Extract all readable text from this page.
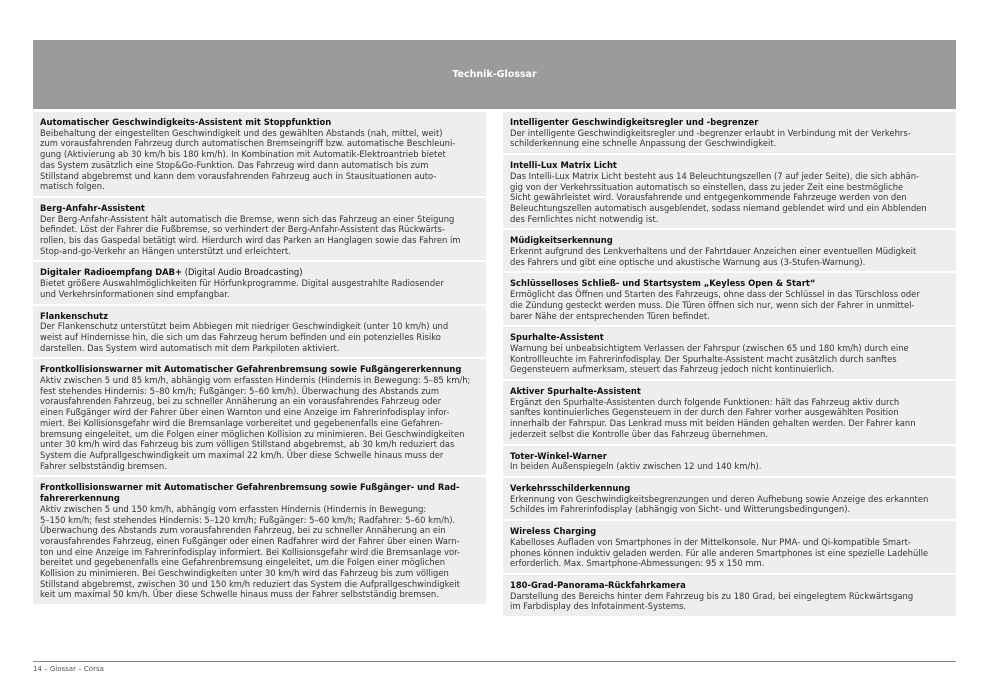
Technik-Glossar
Automatischer Geschwindigkeits-Assistent mit Stoppfunktion
Beibehaltung der eingestellten Geschwindigkeit und des gewählten Abstands (nah, mittel, weit)
zum vorausfahrenden Fahrzeug durch automatischen Bremseingriff bzw. automatische Beschleuni-
gung (Aktivierung ab 30 km/h bis 180 km/h). In Kombination mit Automatik-Elektroantrieb bietet
das System zusätzlich eine Stop&Go-Funktion. Das Fahrzeug wird dann automatisch bis zum
Stillstand abgebremst und kann dem vorausfahrenden Fahrzeug auch in Stausituationen auto-
matisch folgen.
Berg-Anfahr-Assistent
Der Berg-Anfahr-Assistent hält automatisch die Bremse, wenn sich das Fahrzeug an einer Steigung
befindet. Löst der Fahrer die Fußbremse, so verhindert der Berg-Anfahr-Assistent das Rückwärts-
rollen, bis das Gaspedal betätigt wird. Hierdurch wird das Parken an Hanglagen sowie das Fahren im
Stop-and-go-Verkehr an Hängen unterstützt und erleichtert.
Digitaler Radioempfang DAB+ (Digital Audio Broadcasting)
Bietet größere Auswahlmöglichkeiten für Hörfunkprogramme. Digital ausgestrahlte Radiosender
und Verkehrsinformationen sind empfangbar.
Flankenschutz
Der Flankenschutz unterstützt beim Abbiegen mit niedriger Geschwindigkeit (unter 10 km/h) und
weist auf Hindernisse hin, die sich um das Fahrzeug herum befinden und ein potenzielles Risiko
darstellen. Das System wird automatisch mit dem Parkpiloten aktiviert.
Frontkollisionswarner mit Automatischer Gefahrenbremsung sowie Fußgängererkennung
Aktiv zwischen 5 und 85 km/h, abhängig vom erfassten Hindernis (Hindernis in Bewegung: 5–85 km/h;
fest stehendes Hindernis: 5–80 km/h; Fußgänger: 5–60 km/h). Überwachung des Abstands zum
vorausfahrenden Fahrzeug, bei zu schneller Annäherung an ein vorausfahrendes Fahrzeug oder
einen Fußgänger wird der Fahrer über einen Warnton und eine Anzeige im Fahrerinfodisplay infor-
miert. Bei Kollisionsgefahr wird die Bremsanlage vorbereitet und gegebenenfalls eine Gefahren-
bremsung eingeleitet, um die Folgen einer möglichen Kollision zu minimieren. Bei Geschwindigkeiten
unter 30 km/h wird das Fahrzeug bis zum völligen Stillstand abgebremst, ab 30 km/h reduziert das
System die Aufprallgeschwindigkeit um maximal 22 km/h. Über diese Schwelle hinaus muss der
Fahrer selbstständig bremsen.
Frontkollisionswarner mit Automatischer Gefahrenbremsung sowie Fußgänger- und Rad-
fahrererkennung
Aktiv zwischen 5 und 150 km/h, abhängig vom erfassten Hindernis (Hindernis in Bewegung:
5–150 km/h; fest stehendes Hindernis: 5–120 km/h; Fußgänger: 5–60 km/h; Radfahrer: 5–60 km/h).
Überwachung des Abstands zum vorausfahrenden Fahrzeug, bei zu schneller Annäherung an ein
vorausfahrendes Fahrzeug, einen Fußgänger oder einen Radfahrer wird der Fahrer über einen Warn-
ton und eine Anzeige im Fahrerinfodisplay informiert. Bei Kollisionsgefahr wird die Bremsanlage vor-
bereitet und gegebenenfalls eine Gefahrenbremsung eingeleitet, um die Folgen einer möglichen
Kollision zu minimieren. Bei Geschwindigkeiten unter 30 km/h wird das Fahrzeug bis zum völligen
Stillstand abgebremst, zwischen 30 und 150 km/h reduziert das System die Aufprallgeschwindigkeit
keit um maximal 50 km/h. Über diese Schwelle hinaus muss der Fahrer selbstständig bremsen.
Intelligenter Geschwindigkeitsregler und -begrenzer
Der intelligente Geschwindigkeitsregler und -begrenzer erlaubt in Verbindung mit der Verkehrs-
schilderkennung eine schnelle Anpassung der Geschwindigkeit.
Intelli-Lux Matrix Licht
Das Intelli-Lux Matrix Licht besteht aus 14 Beleuchtungszellen (7 auf jeder Seite), die sich abhän-
gig von der Verkehrssituation automatisch so einstellen, dass zu jeder Zeit eine bestmögliche
Sicht gewährleistet wird. Vorausfahrende und entgegenkommende Fahrzeuge werden von den
Beleuchtungszellen automatisch ausgeblendet, sodass niemand geblendet wird und ein Abblenden
des Fernlichtes nicht notwendig ist.
Müdigkeitserkennung
Erkennt aufgrund des Lenkverhaltens und der Fahrtdauer Anzeichen einer eventuellen Müdigkeit
des Fahrers und gibt eine optische und akustische Warnung aus (3-Stufen-Warnung).
Schlüsselloses Schließ- und Startsystem „Keyless Open & Start“
Ermöglicht das Öffnen und Starten des Fahrzeugs, ohne dass der Schlüssel in das Türschloss oder
die Zündung gesteckt werden muss. Die Türen öffnen sich nur, wenn sich der Fahrer in unmittel-
barer Nähe der entsprechenden Türen befindet.
Spurhalte-Assistent
Warnung bei unbeabsichtigtem Verlassen der Fahrspur (zwischen 65 und 180 km/h) durch eine
Kontrollleuchte im Fahrerinfodisplay. Der Spurhalte-Assistent macht zusätzlich durch sanftes
Gegensteuern aufmerksam, steuert das Fahrzeug jedoch nicht kontinuierlich.
Aktiver Spurhalte-Assistent
Ergänzt den Spurhalte-Assistenten durch folgende Funktionen: hält das Fahrzeug aktiv durch
sanftes kontinuierliches Gegensteuern in der durch den Fahrer vorher ausgewählten Position
innerhalb der Fahrspur. Das Lenkrad muss mit beiden Händen gehalten werden. Der Fahrer kann
jederzeit selbst die Kontrolle über das Fahrzeug übernehmen.
Toter-Winkel-Warner
In beiden Außenspiegeln (aktiv zwischen 12 und 140 km/h).
Verkehrsschilderkennung
Erkennung von Geschwindigkeitsbegrenzungen und deren Aufhebung sowie Anzeige des erkannten
Schildes im Fahrerinfodisplay (abhängig von Sicht- und Witterungsbedingungen).
Wireless Charging
Kabelloses Aufladen von Smartphones in der Mittelkonsole. Nur PMA- und Qi-kompatible Smart-
phones können induktiv geladen werden. Für alle anderen Smartphones ist eine spezielle Ladehülle
erforderlich. Max. Smartphone-Abmessungen: 95 x 150 mm.
180-Grad-Panorama-Rückfahrkamera
Darstellung des Bereichs hinter dem Fahrzeug bis zu 180 Grad, bei eingelegtem Rückwärtsgang
im Farbdisplay des Infotainment-Systems.
14 – Glossar – Corsa
